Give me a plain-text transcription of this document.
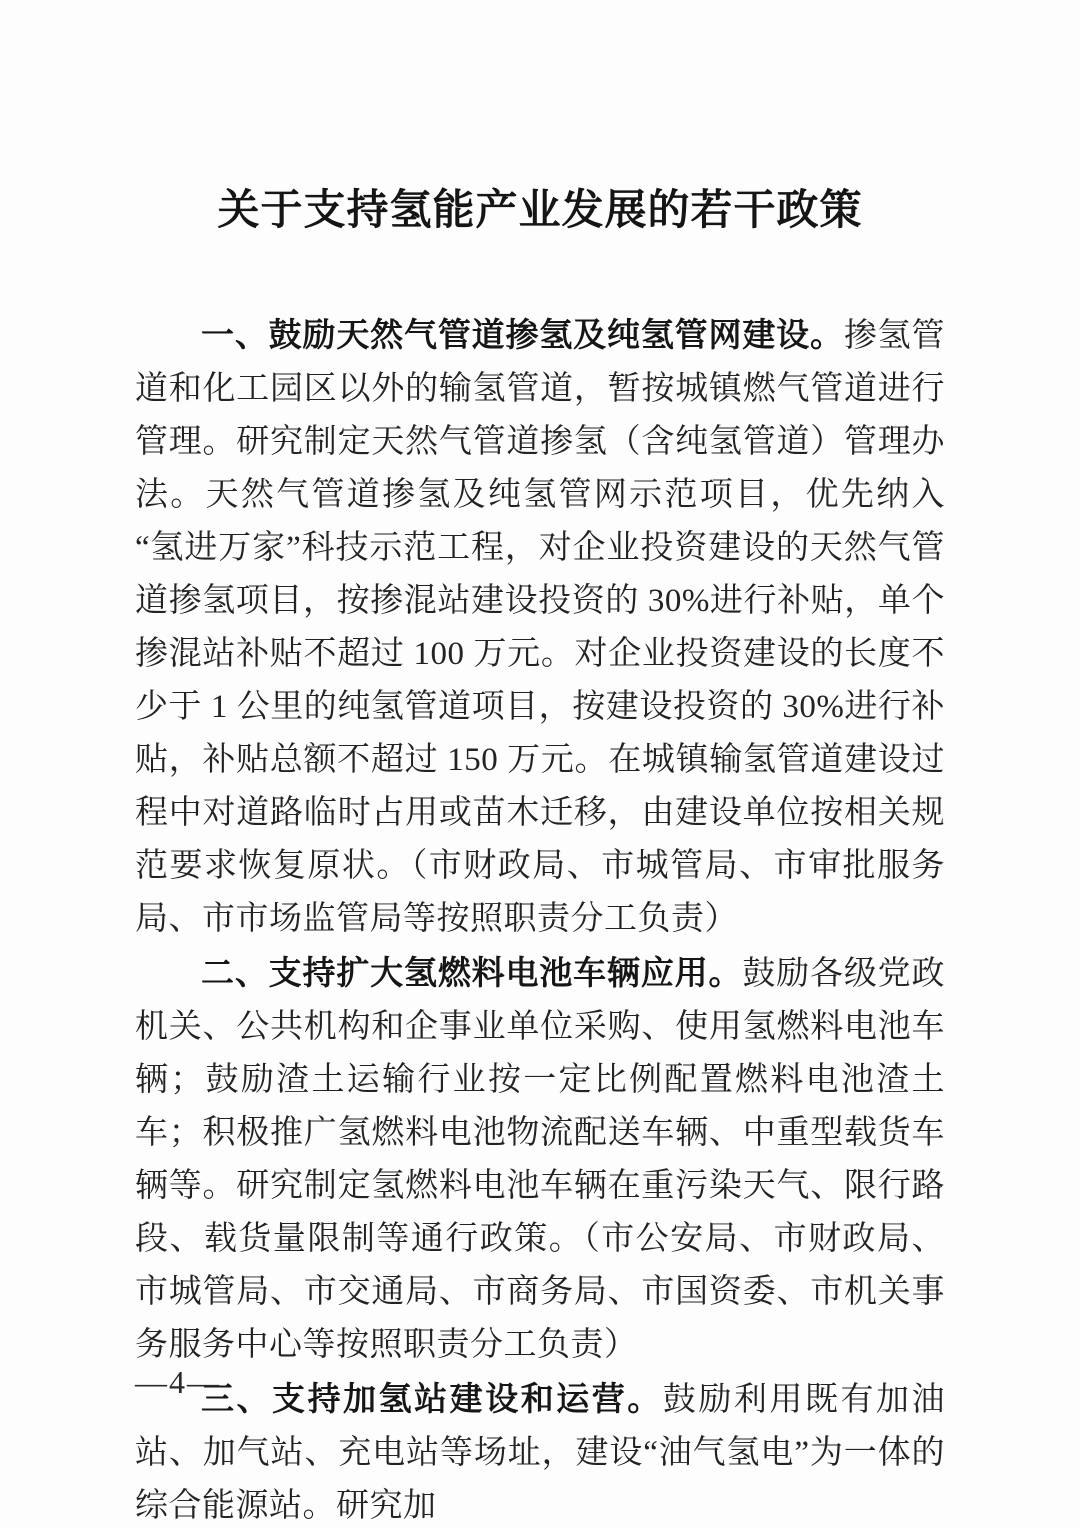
关于支持氢能产业发展的若干政策

一、鼓励天然气管道掺氢及纯氢管网建设。掺氢管道和化工园区以外的输氢管道，暂按城镇燃气管道进行管理。研究制定天然气管道掺氢（含纯氢管道）管理办法。天然气管道掺氢及纯氢管网示范项目，优先纳入“氢进万家”科技示范工程，对企业投资建设的天然气管道掺氢项目，按掺混站建设投资的 30%进行补贴，单个掺混站补贴不超过 100 万元。对企业投资建设的长度不少于 1 公里的纯氢管道项目，按建设投资的 30%进行补贴，补贴总额不超过 150 万元。在城镇输氢管道建设过程中对道路临时占用或苗木迁移，由建设单位按相关规范要求恢复原状。（市财政局、市城管局、市审批服务局、市市场监管局等按照职责分工负责）

二、支持扩大氢燃料电池车辆应用。鼓励各级党政机关、公共机构和企事业单位采购、使用氢燃料电池车辆；鼓励渣土运输行业按一定比例配置燃料电池渣土车；积极推广氢燃料电池物流配送车辆、中重型载货车辆等。研究制定氢燃料电池车辆在重污染天气、限行路段、载货量限制等通行政策。（市公安局、市财政局、市城管局、市交通局、市商务局、市国资委、市机关事务服务中心等按照职责分工负责）

三、支持加氢站建设和运营。鼓励利用既有加油站、加气站、充电站等场址，建设“油气氢电”为一体的综合能源站。研究加

—4—
